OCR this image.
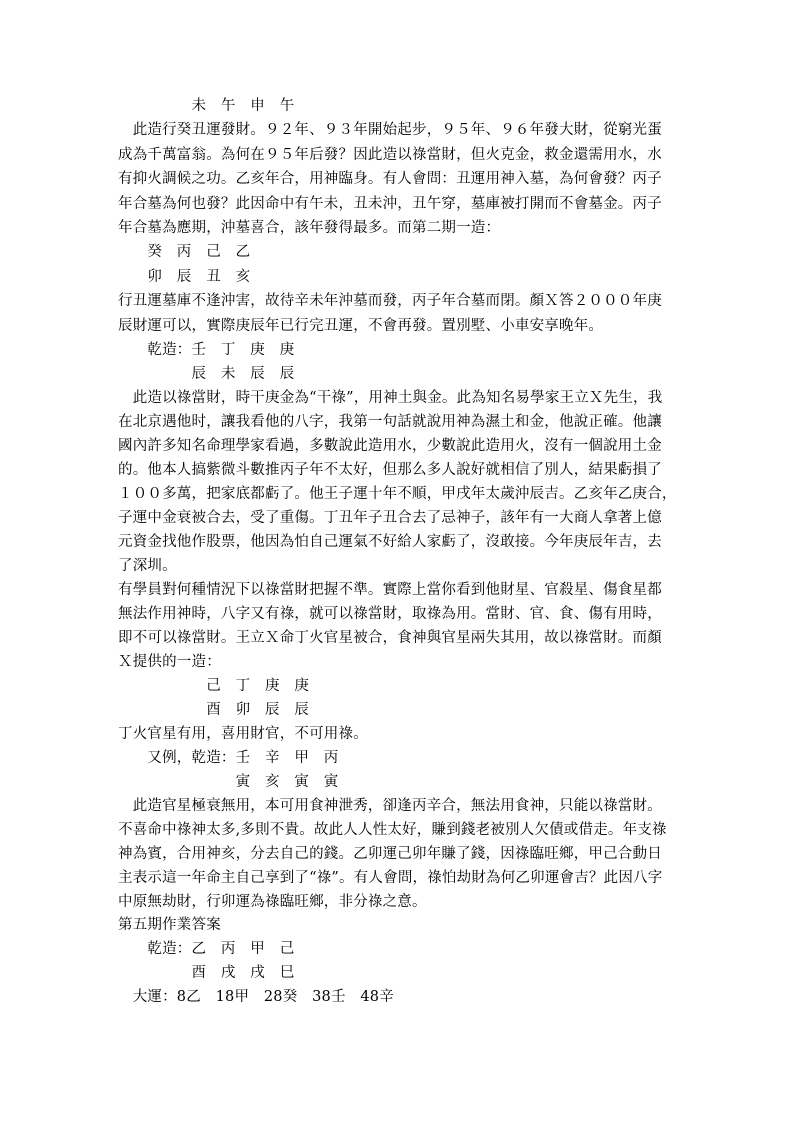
　　　　　未　午　申　午
　此造行癸丑運發財。９２年、９３年開始起步，９５年、９６年發大財，從窮光蛋
成為千萬富翁。為何在９５年后發？因此造以祿當財，但火克金，救金還需用水，水
有抑火調候之功。乙亥年合，用神臨身。有人會問：丑運用神入墓，為何會發？丙子
年合墓為何也發？此因命中有午未，丑未沖，丑午穿，墓庫被打開而不會墓金。丙子
年合墓為應期，沖墓喜合，該年發得最多。而第二期一造：
　　癸　丙　己　乙
　　卯　辰　丑　亥
行丑運墓庫不逢沖害，故待辛未年沖墓而發，丙子年合墓而閉。顏Ｘ答２０００年庚
辰財運可以，實際庚辰年已行完丑運，不會再發。置別墅、小車安享晚年。
　　乾造：壬　丁　庚　庚
　　　　　辰　未　辰　辰
　此造以祿當財，時干庚金為“干祿”，用神土與金。此為知名易學家王立Ｘ先生，我
在北京遇他时，讓我看他的八字，我第一句話就說用神為濕土和金，他說正確。他讓
國內許多知名命理學家看過，多數說此造用水，少數說此造用火，沒有一個說用土金
的。他本人搞紫微斗數推丙子年不太好，但那么多人說好就相信了別人，結果虧損了
１００多萬，把家底都虧了。他王子運十年不順，甲戌年太歲沖辰吉。乙亥年乙庚合，
子運中金衰被合去，受了重傷。丁丑年子丑合去了忌神子，該年有一大商人拿著上億
元資金找他作股票，他因為怕自己運氣不好給人家虧了，沒敢接。今年庚辰年吉，去
了深圳。
有學員對何種情況下以祿當財把握不準。實際上當你看到他財星、官殺星、傷食星都
無法作用神時，八字又有祿，就可以祿當財，取祿為用。當財、官、食、傷有用時，
即不可以祿當財。王立Ｘ命丁火官星被合，食神與官星兩失其用，故以祿當財。而顏
Ｘ提供的一造：
　　　　　　己　丁　庚　庚
　　　　　　酉　卯　辰　辰
丁火官星有用，喜用財官，不可用祿。
　　又例，乾造：壬　辛　甲　丙
　　　　　　　　寅　亥　寅　寅
　此造官星極衰無用，本可用食神泄秀，卻逢丙辛合，無法用食神，只能以祿當財。
不喜命中祿神太多,多則不貴。故此人人性太好，賺到錢老被別人欠債或借走。年支祿
神為賓，合用神亥，分去自己的錢。乙卯運己卯年賺了錢，因祿臨旺鄉，甲己合動日
主表示這一年命主自己享到了“祿”。有人會問，祿怕劫財為何乙卯運會吉？此因八字
中原無劫財，行卯運為祿臨旺鄉，非分祿之意。
第五期作業答案
　　乾造：乙　丙　甲　己
　　　　　酉　戌　戌　巳
　大運：8乙　18甲　28癸　38壬　48辛
